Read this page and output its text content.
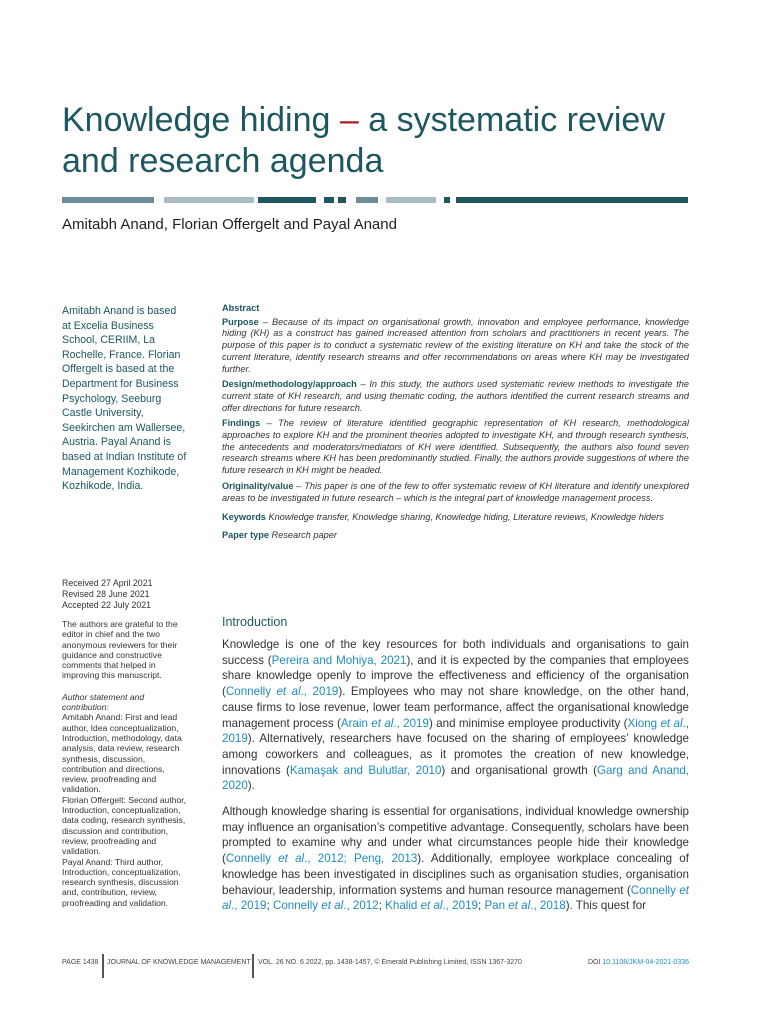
Knowledge hiding – a systematic review and research agenda
Amitabh Anand, Florian Offergelt and Payal Anand
Amitabh Anand is based at Excelia Business School, CERIIM, La Rochelle, France. Florian Offergelt is based at the Department for Business Psychology, Seeburg Castle University, Seekirchen am Wallersee, Austria. Payal Anand is based at Indian Institute of Management Kozhikode, Kozhikode, India.
Received 27 April 2021
Revised 28 June 2021
Accepted 22 July 2021

The authors are grateful to the editor in chief and the two anonymous reviewers for their guidance and constructive comments that helped in improving this manuscript.

Author statement and contribution:

Amitabh Anand: First and lead author, Idea conceptualization, Introduction, methodology, data analysis, data review, research synthesis, discussion, contribution and directions, review, proofreading and validation.

Florian Offergelt: Second author, Introduction, conceptualization, data coding, research synthesis, discussion and contribution, review, proofreading and validation.

Payal Anand: Third author, Introduction, conceptualization, research synthesis, discussion and, contribution, review, proofreading and validation.

Abstract

Purpose – Because of its impact on organisational growth, innovation and employee performance, knowledge hiding (KH) as a construct has gained increased attention from scholars and practitioners in recent years. The purpose of this paper is to conduct a systematic review of the existing literature on KH and take the stock of the current literature, identify research streams and offer recommendations on areas where KH may be investigated further.

Design/methodology/approach – In this study, the authors used systematic review methods to investigate the current state of KH research, and using thematic coding, the authors identified the current research streams and offer directions for future research.

Findings – The review of literature identified geographic representation of KH research, methodological approaches to explore KH and the prominent theories adopted to investigate KH, and through research synthesis, the antecedents and moderators/mediators of KH were identified. Subsequently, the authors also found seven research streams where KH has been predominantly studied. Finally, the authors provide suggestions of where the future research in KH might be headed.

Originality/value – This paper is one of the few to offer systematic review of KH literature and identify unexplored areas to be investigated in future research – which is the integral part of knowledge management process.

Keywords Knowledge transfer, Knowledge sharing, Knowledge hiding, Literature reviews, Knowledge hiders

Paper type Research paper

Introduction

Knowledge is one of the key resources for both individuals and organisations to gain success (Pereira and Mohiya, 2021), and it is expected by the companies that employees share knowledge openly to improve the effectiveness and efficiency of the organisation (Connelly et al., 2019). Employees who may not share knowledge, on the other hand, cause firms to lose revenue, lower team performance, affect the organisational knowledge management process (Arain et al., 2019) and minimise employee productivity (Xiong et al., 2019). Alternatively, researchers have focused on the sharing of employees’ knowledge among coworkers and colleagues, as it promotes the creation of new knowledge, innovations (Kamaşak and Bulutlar, 2010) and organisational growth (Garg and Anand, 2020).

Although knowledge sharing is essential for organisations, individual knowledge ownership may influence an organisation’s competitive advantage. Consequently, scholars have been prompted to examine why and under what circumstances people hide their knowledge (Connelly et al., 2012; Peng, 2013). Additionally, employee workplace concealing of knowledge has been investigated in disciplines such as organisation studies, organisation behaviour, leadership, information systems and human resource management (Connelly et al., 2019; Connelly et al., 2012; Khalid et al., 2019; Pan et al., 2018). This quest for

PAGE 1438 JOURNAL OF KNOWLEDGE MANAGEMENT VOL. 26 NO. 6 2022, pp. 1438-1457, © Emerald Publishing Limited, ISSN 1367-3270	DOI 10.1108/JKM-04-2021-0336
